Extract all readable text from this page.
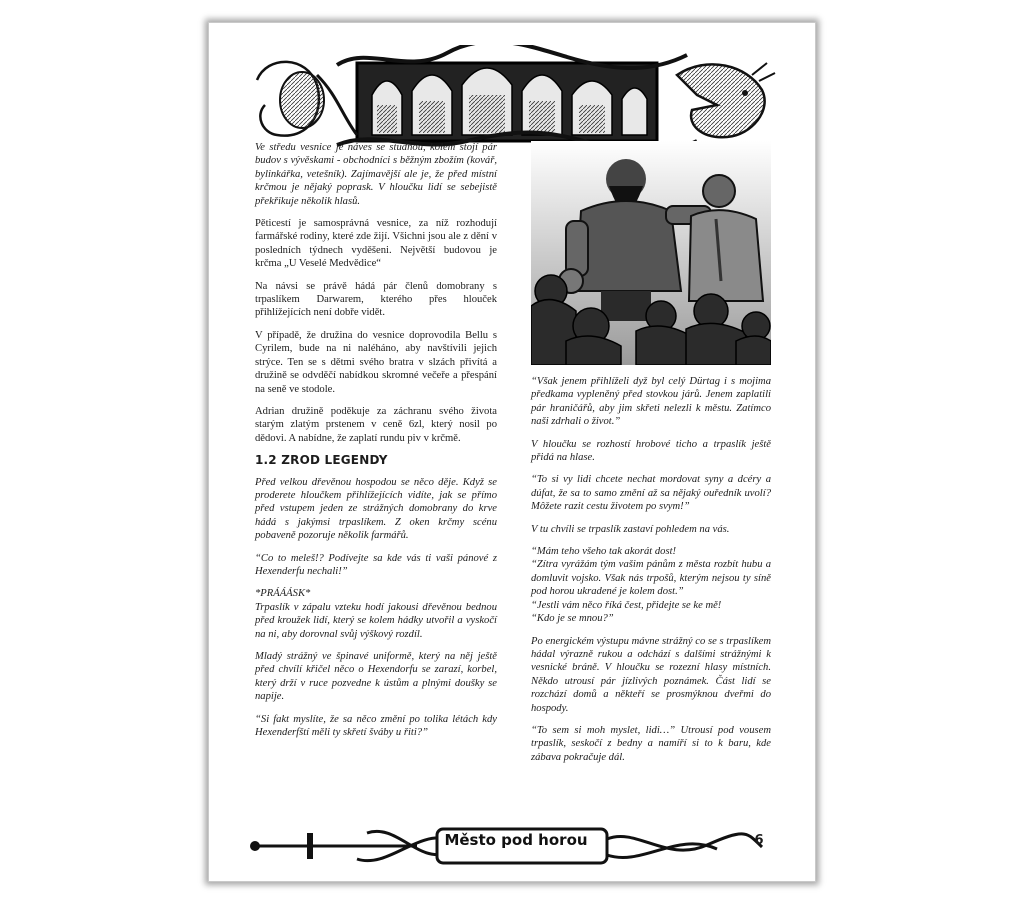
Ve středu vesnice je náves se studnou, kolem stojí pár budov s vývěskami - obchodníci s běžným zbožím (kovář, bylinkářka, vetešník). Zajímavější ale je, že před místní krčmou je nějaký poprask. V hloučku lidí se sebejistě překřikuje několik hlasů.

Pěticestí je samosprávná vesnice, za níž rozhodují farmářské rodiny, které zde žijí. Všichni jsou ale z dění v posledních týdnech vyděšeni. Největší budovou je krčma „U Veselé Medvědice“

Na návsi se právě hádá pár členů domobrany s trpaslíkem Darwarem, kterého přes hlouček přihlížejících není dobře vidět.

V případě, že družina do vesnice doprovodila Bellu s Cyrilem, bude na ni naléháno, aby navštívili jejich strýce. Ten se s dětmi svého bratra v slzách přivítá a družině se odvděčí nabídkou skromné večeře a přespání na seně ve stodole.

Adrian družině poděkuje za záchranu svého života starým zlatým prstenem v ceně 6zl, který nosil po dědovi. A nabídne, že zaplatí rundu piv v krčmě.

1.2 ZROD LEGENDY

Před velkou dřevěnou hospodou se něco děje. Když se proderete hloučkem přihlížejících vidíte, jak se přímo před vstupem jeden ze strážných domobrany do krve hádá s jakýmsi trpaslíkem. Z oken krčmy scénu pobaveně pozoruje několik farmářů.

“Co to meleš!? Podívejte sa kde vás ti vaši pánové z Hexenderfu nechali!”

*PRÁÁÁSK*

Trpaslík v zápalu vzteku hodí jakousi dřevěnou bednou před kroužek lidí, který se kolem hádky utvořil a vyskočí na ni, aby dorovnal svůj výškový rozdíl.

Mladý strážný ve špinavé uniformě, který na něj ještě před chvílí křičel něco o Hexendorfu se zarazí, korbel, který drží v ruce pozvedne k ústům a plnými doušky se napije.

“Si fakt myslíte, že sa něco změní po tolika létách kdy Hexenderfští měli ty skřetí šváby u řiti?”

“Však jenem přihlíželi dyž byl celý Dürtag i s mojima předkama vypleněný před stovkou járů. Jenem zaplatili pár hraničářů, aby jim skřeti nelezli k městu. Zatímco naši zdrhali o život.”

V hloučku se rozhostí hrobové ticho a trpaslík ještě přidá na hlase.

“To si vy lidi chcete nechat mordovat syny a dcéry a dúfat, že sa to samo změní až sa nějaký ouředník uvolí? Môžete razit cestu životem po svym!”

V tu chvíli se trpaslík zastaví pohledem na vás.

“Mám teho všeho tak akorát dost!

“Zítra vyrážám tým vašim pánům z města rozbít hubu a domluvit vojsko. Však nás trpošů, kterým nejsou ty síně pod horou ukradené je kolem dost.”

“Jestli vám něco říká čest, přidejte se ke mě!

“Kdo je se mnou?”

Po energickém výstupu mávne strážný co se s trpaslíkem hádal výrazně rukou a odchází s dalšími strážnými k vesnické bráně. V hloučku se rozezní hlasy místních. Někdo utrousí pár jízlivých poznámek. Část lidí se rozchází domů a někteří se prosmýknou dveřmi do hospody.

“To sem si moh myslet, lidi…” Utrousí pod vousem trpaslík, seskočí z bedny a namíří si to k baru, kde zábava pokračuje dál.

Město pod horou	6
